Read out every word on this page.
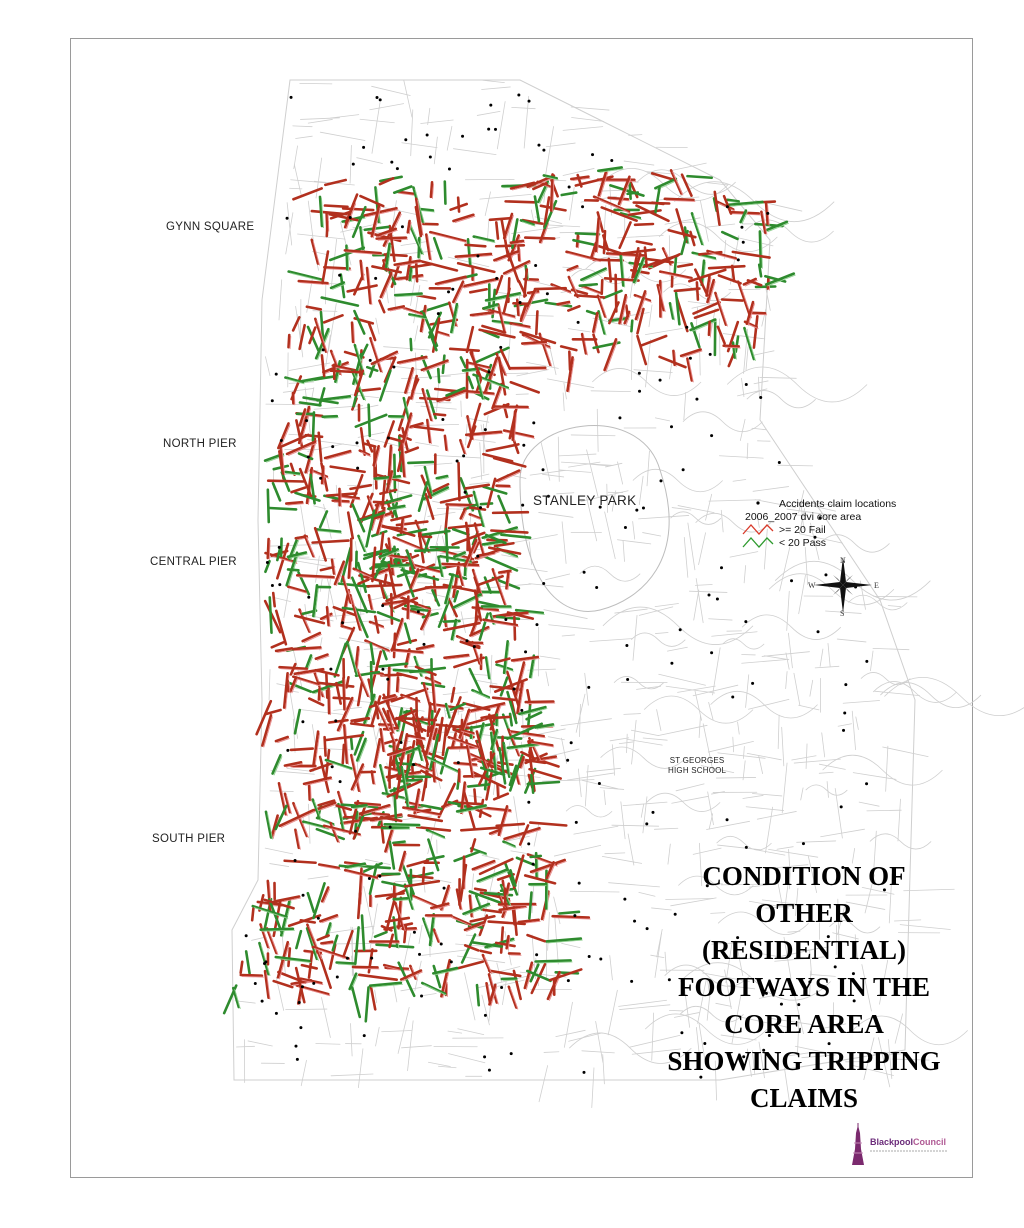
GYNN SQUARE
NORTH PIER
CENTRAL PIER
SOUTH PIER
STANLEY PARK
ST GEORGES
HIGH SCHOOL
Accidents claim locations
2006_2007 dvi core area
>= 20 Fail
< 20 Pass
N
S
W	E
CONDITION OF
OTHER
(RESIDENTIAL)
FOOTWAYS IN THE
CORE AREA
SHOWING TRIPPING
CLAIMS
BlackpoolCouncil
